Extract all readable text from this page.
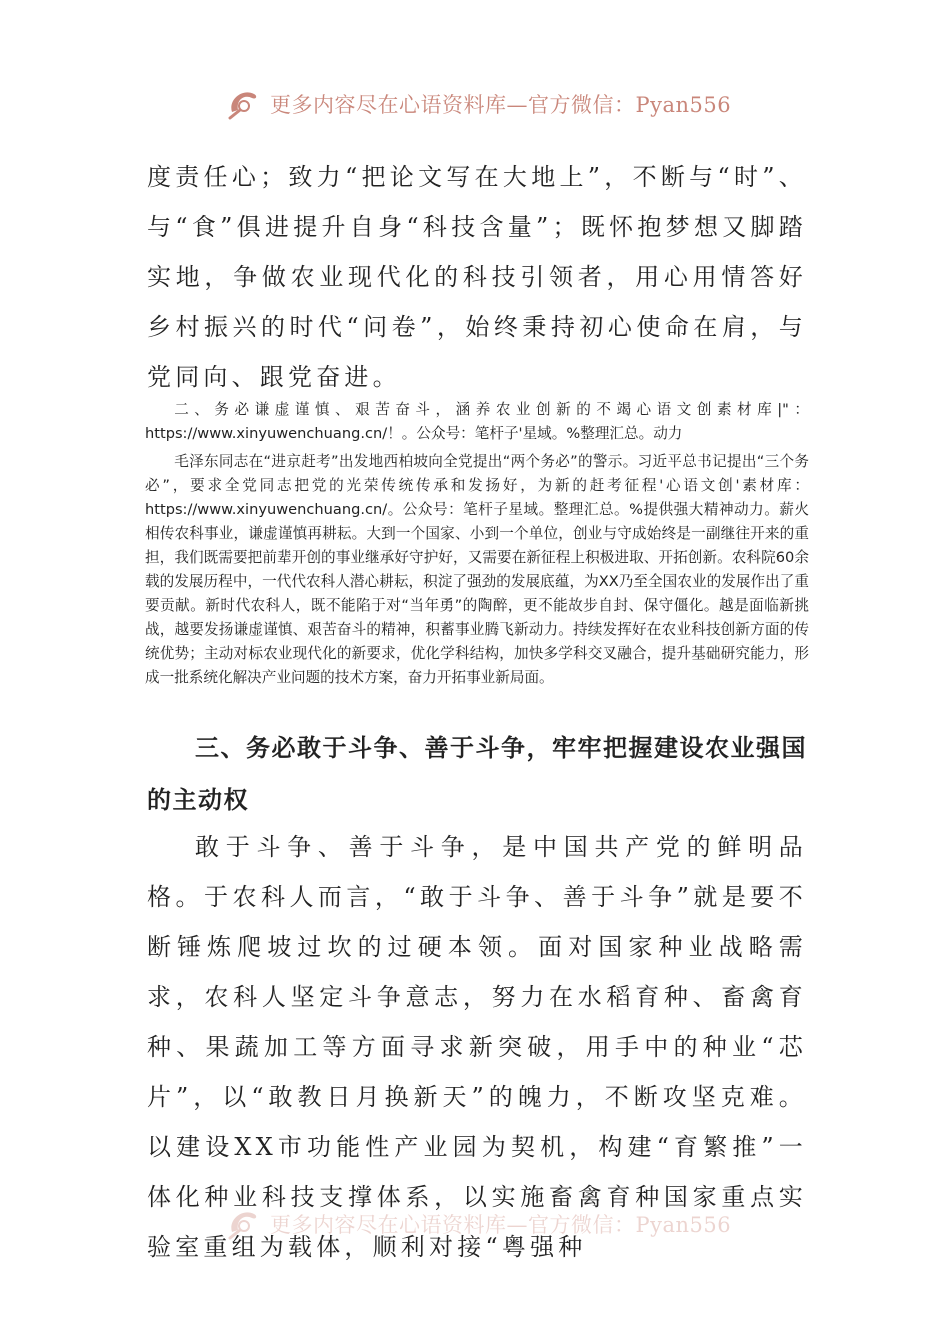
更多内容尽在心语资料库—官方微信：Pyan556

度责任心；致力“把论文写在大地上”，不断与“时”、与“食”俱进提升自身“科技含量”；既怀抱梦想又脚踏实地，争做农业现代化的科技引领者，用心用情答好乡村振兴的时代“问卷”，始终秉持初心使命在肩，与党同向、跟党奋进。

二、务必谦虚谨慎、艰苦奋斗，涵养农业创新的不竭心语文创素材库|"：https://www.xinyuwenchuang.cn/！。公众号：笔杆子'星域。%整理汇总。动力

毛泽东同志在“进京赶考”出发地西柏坡向全党提出“两个务必”的警示。习近平总书记提出“三个务必”，要求全党同志把党的光荣传统传承和发扬好，为新的赶考征程'心语文创'素材库：https://www.xinyuwenchuang.cn/。公众号：笔杆子星域。整理汇总。%提供强大精神动力。薪火相传农科事业，谦虚谨慎再耕耘。大到一个国家、小到一个单位，创业与守成始终是一副继往开来的重担，我们既需要把前辈开创的事业继承好守护好，又需要在新征程上积极进取、开拓创新。农科院60余载的发展历程中，一代代农科人潜心耕耘，积淀了强劲的发展底蕴，为XX乃至全国农业的发展作出了重要贡献。新时代农科人，既不能陷于对“当年勇”的陶醉，更不能故步自封、保守僵化。越是面临新挑战，越要发扬谦虚谨慎、艰苦奋斗的精神，积蓄事业腾飞新动力。持续发挥好在农业科技创新方面的传统优势；主动对标农业现代化的新要求，优化学科结构，加快多学科交叉融合，提升基础研究能力，形成一批系统化解决产业问题的技术方案，奋力开拓事业新局面。

三、务必敢于斗争、善于斗争，牢牢把握建设农业强国的主动权

敢于斗争、善于斗争，是中国共产党的鲜明品格。于农科人而言，“敢于斗争、善于斗争”就是要不断锤炼爬坡过坎的过硬本领。面对国家种业战略需求，农科人坚定斗争意志，努力在水稻育种、畜禽育种、果蔬加工等方面寻求新突破，用手中的种业“芯片”，以“敢教日月换新天”的魄力，不断攻坚克难。以建设XX市功能性产业园为契机，构建“育繁推”一体化种业科技支撑体系，以实施畜禽育种国家重点实验室重组为载体，顺利对接“粤强种

更多内容尽在心语资料库—官方微信：Pyan556
